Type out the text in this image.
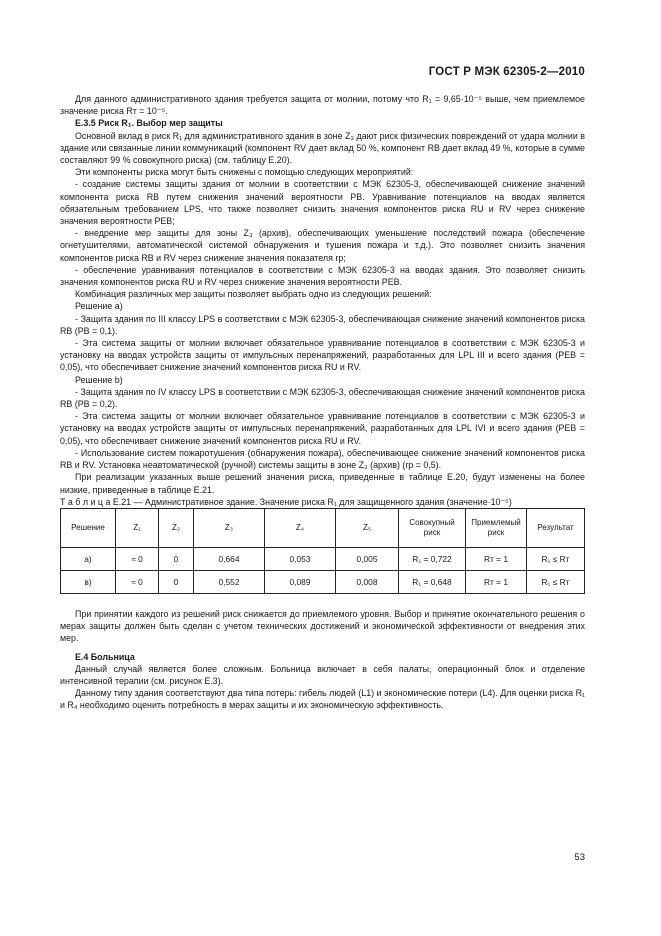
ГОСТ Р МЭК 62305-2—2010

Для данного административного здания требуется защита от молнии, потому что R₁ = 9,65·10⁻⁵ выше, чем приемлемое значение риска Rт = 10⁻⁵.

Е.3.5 Риск R₁. Выбор мер защиты

Основной вклад в риск R₁ для административного здания в зоне Z₃ дают риск физических повреждений от удара молнии в здание или связанные линии коммуникаций (компонент RV дает вклад 50 %, компонент RB дает вклад 49 %, которые в сумме составляют 99 % совокупного риска) (см. таблицу Е.20).

Эти компоненты риска могут быть снижены с помощью следующих мероприятий:

- создание системы защиты здания от молнии в соответствии с МЭК 62305-3, обеспечивающей снижение значений компонента риска RB путем снижения значений вероятности PB. Уравнивание потенциалов на вводах является обязательным требованием LPS, что также позволяет снизить значения компонентов риска RU и RV через снижение значения вероятности PEB;

- внедрение мер защиты для зоны Z₃ (архив), обеспечивающих уменьшение последствий пожара (обеспечение огнетушителями, автоматической системой обнаружения и тушения пожара и т.д.). Это позволяет снизить значения компонентов риска RB и RV через снижение значения показателя rp;

- обеспечение уравнивания потенциалов в соответствии с МЭК 62305-3 на вводах здания. Это позволяет снизить значения компонентов риска RU и RV через снижение значения вероятности PEB.

Комбинация различных мер защиты позволяет выбрать одно из следующих решений:

Решение а)

- Защита здания по III классу LPS в соответствии с МЭК 62305-3, обеспечивающая снижение значений компонентов риска RB (PB = 0,1).

- Эта система защиты от молнии включает обязательное уравнивание потенциалов в соответствии с МЭК 62305-3 и установку на вводах устройств защиты от импульсных перенапряжений, разработанных для LPL III и всего здания (PEB = 0,05), что обеспечивает снижение значений компонентов риска RU и RV.

Решение b)

- Защита здания по IV классу LPS в соответствии с МЭК 62305-3, обеспечивающая снижение значений компонентов риска RB (PB = 0,2).

- Эта система защиты от молнии включает обязательное уравнивание потенциалов в соответствии с МЭК 62305-3 и установку на вводах устройств защиты от импульсных перенапряжений, разработанных для LPL IVI и всего здания (PEB = 0,05), что обеспечивает снижение значений компонентов риска RU и RV.

- Использование систем пожаротушения (обнаружения пожара), обеспечивающее снижение значений компонентов риска RB и RV. Установка неавтоматической (ручной) системы защиты в зоне Z₃ (архив) (rp = 0,5).

При реализации указанных выше решений значения риска, приведенные в таблице Е.20, будут изменены на более низкие, приведенные в таблице Е.21.

Т а б л и ц а Е.21 — Административное здание. Значение риска R₁ для защищенного здания (значение·10⁻⁵)

Решение	Z₁	Z₂	Z₃	Z₄	Z₅	Совокупный риск	Приемлемый риск	Результат
а)	≈ 0	0	0,664	0,053	0,005	R₁ = 0,722	Rт = 1	R₁ ≤ Rт
в)	≈ 0	0	0,552	0,089	0,008	R₁ = 0,648	Rт = 1	R₁ ≤ Rт

При принятии каждого из решений риск снижается до приемлемого уровня. Выбор и принятие окончательного решения о мерах защиты должен быть сделан с учетом технических достижений и экономической эффективности от внедрения этих мер.

Е.4 Больница

Данный случай является более сложным. Больница включает в себя палаты, операционный блок и отделение интенсивной терапии (см. рисунок Е.3).

Данному типу здания соответствуют два типа потерь: гибель людей (L1) и экономические потери (L4). Для оценки риска R₁ и R₄ необходимо оценить потребность в мерах защиты и их экономическую эффективность.

53
